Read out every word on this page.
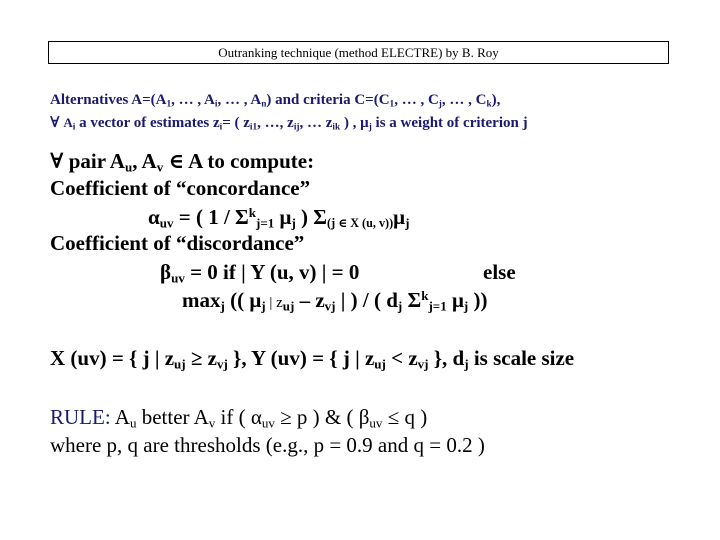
Outranking technique (method ELECTRE) by B. Roy
Alternatives $A=(A_1$, … , $A_i$, … , $A_n$) and criteria $C=(C_1$, … , $C_j$, … , $C_k$),
∀ $A_i$ a vector of estimates $z_i=$ ( $z_{i1}$, …, $z_{ij}$, … $z_{ik}$ ) , $\mu_j$ is a weight of criterion j
∀ pair $A_u$, $A_v$ ∈ A to compute:
Coefficient of “concordance”
$\alpha_{uv}$ = ( $1 / \Sigma^k_{j=1}$ $\mu_j$ ) $\Sigma_{(j \in X (u, v))}\mu_j$
Coefficient of “discordance”
$\beta_{uv} = 0$ if | Y (u, v) | = 0	else
$\max_j$ (( $\mu_j$ | $z_{uj} - z_{vj}$ | ) / ( $d_j$ $\Sigma^k_{j=1}$ $\mu_j$ ))
X (uv) = { j | $z_{uj} \ge z_{vj}$ }, Y (uv) = { j | $z_{uj} < z_{vj}$ }, $d_j$ is scale size
RULE: $A_u$ better $A_v$ if ( $\alpha_{uv} \ge p$ ) & ( $\beta_{uv} \le q$ )
where p, q are thresholds (e.g., p = 0.9 and q = 0.2 )
